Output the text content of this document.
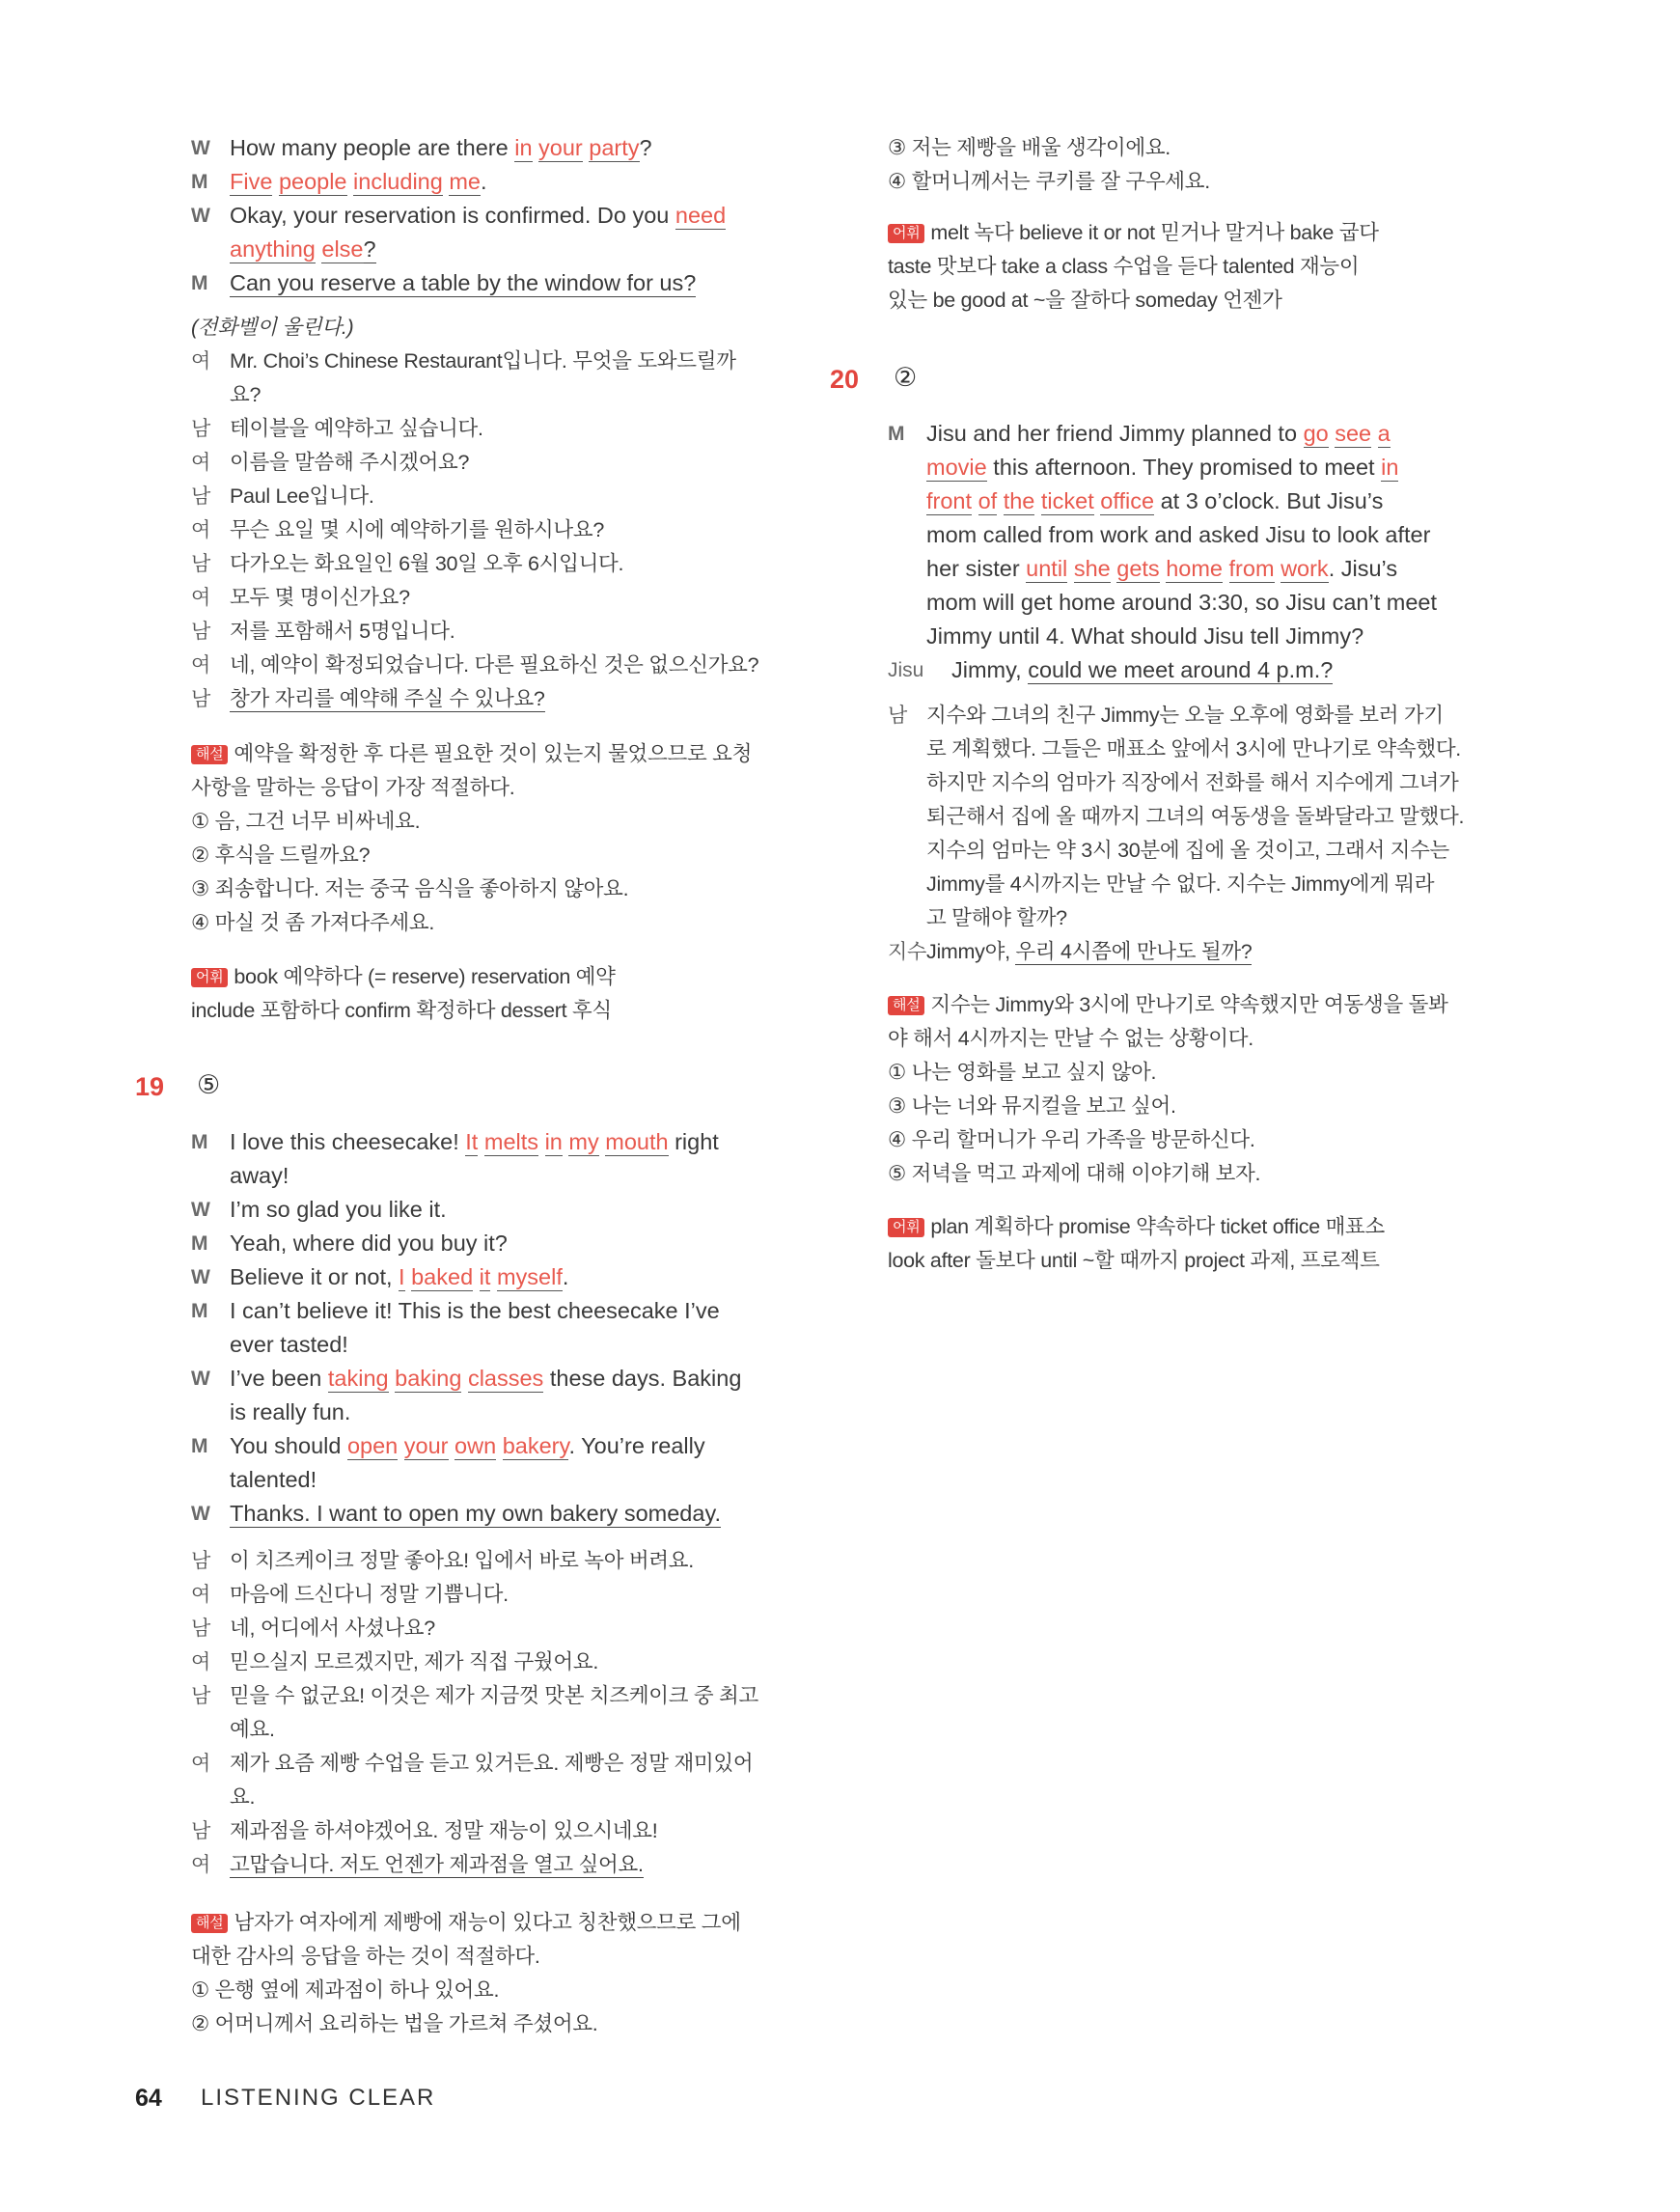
W How many people are there in your party?
M Five people including me.
W Okay, your reservation is confirmed. Do you need
anything else?
M Can you reserve a table by the window for us?
(전화벨이 울린다.)
여 Mr. Choi’s Chinese Restaurant입니다. 무엇을 도와드릴까
요?
남 테이블을 예약하고 싶습니다.
여 이름을 말씀해 주시겠어요?
남 Paul Lee입니다.
여 무슨 요일 몇 시에 예약하기를 원하시나요?
남 다가오는 화요일인 6월 30일 오후 6시입니다.
여 모두 몇 명이신가요?
남 저를 포함해서 5명입니다.
여 네, 예약이 확정되었습니다. 다른 필요하신 것은 없으신가요?
남 창가 자리를 예약해 주실 수 있나요?
해설 예약을 확정한 후 다른 필요한 것이 있는지 물었으므로 요청
사항을 말하는 응답이 가장 적절하다.
① 음, 그건 너무 비싸네요.
② 후식을 드릴까요?
③ 죄송합니다. 저는 중국 음식을 좋아하지 않아요.
④ 마실 것 좀 가져다주세요.
어휘 book 예약하다 (= reserve) reservation 예약
include 포함하다 confirm 확정하다 dessert 후식
19 ⑤
M I love this cheesecake! It melts in my mouth right
away!
W I’m so glad you like it.
M Yeah, where did you buy it?
W Believe it or not, I baked it myself.
M I can’t believe it! This is the best cheesecake I’ve
ever tasted!
W I’ve been taking baking classes these days. Baking
is really fun.
M You should open your own bakery. You’re really
talented!
W Thanks. I want to open my own bakery someday.
남 이 치즈케이크 정말 좋아요! 입에서 바로 녹아 버려요.
여 마음에 드신다니 정말 기쁩니다.
남 네, 어디에서 사셨나요?
여 믿으실지 모르겠지만, 제가 직접 구웠어요.
남 믿을 수 없군요! 이것은 제가 지금껏 맛본 치즈케이크 중 최고
예요.
여 제가 요즘 제빵 수업을 듣고 있거든요. 제빵은 정말 재미있어
요.
남 제과점을 하셔야겠어요. 정말 재능이 있으시네요!
여 고맙습니다. 저도 언젠가 제과점을 열고 싶어요.
해설 남자가 여자에게 제빵에 재능이 있다고 칭찬했으므로 그에
대한 감사의 응답을 하는 것이 적절하다.
① 은행 옆에 제과점이 하나 있어요.
② 어머니께서 요리하는 법을 가르쳐 주셨어요.
③ 저는 제빵을 배울 생각이에요.
④ 할머니께서는 쿠키를 잘 구우세요.
어휘 melt 녹다 believe it or not 믿거나 말거나 bake 굽다
taste 맛보다 take a class 수업을 듣다 talented 재능이
있는 be good at ~을 잘하다 someday 언젠가
20 ②
M Jisu and her friend Jimmy planned to go see a
movie this afternoon. They promised to meet in
front of the ticket office at 3 o’clock. But Jisu’s
mom called from work and asked Jisu to look after
her sister until she gets home from work. Jisu’s
mom will get home around 3:30, so Jisu can’t meet
Jimmy until 4. What should Jisu tell Jimmy?
Jisu Jimmy, could we meet around 4 p.m.?
남 지수와 그녀의 친구 Jimmy는 오늘 오후에 영화를 보러 가기
로 계획했다. 그들은 매표소 앞에서 3시에 만나기로 약속했다.
하지만 지수의 엄마가 직장에서 전화를 해서 지수에게 그녀가
퇴근해서 집에 올 때까지 그녀의 여동생을 돌봐달라고 말했다.
지수의 엄마는 약 3시 30분에 집에 올 것이고, 그래서 지수는
Jimmy를 4시까지는 만날 수 없다. 지수는 Jimmy에게 뭐라
고 말해야 할까?
지수 Jimmy야, 우리 4시쯤에 만나도 될까?
해설 지수는 Jimmy와 3시에 만나기로 약속했지만 여동생을 돌봐
야 해서 4시까지는 만날 수 없는 상황이다.
① 나는 영화를 보고 싶지 않아.
③ 나는 너와 뮤지컬을 보고 싶어.
④ 우리 할머니가 우리 가족을 방문하신다.
⑤ 저녁을 먹고 과제에 대해 이야기해 보자.
어휘 plan 계획하다 promise 약속하다 ticket office 매표소
look after 돌보다 until ~할 때까지 project 과제, 프로젝트
64 LISTENING CLEAR
